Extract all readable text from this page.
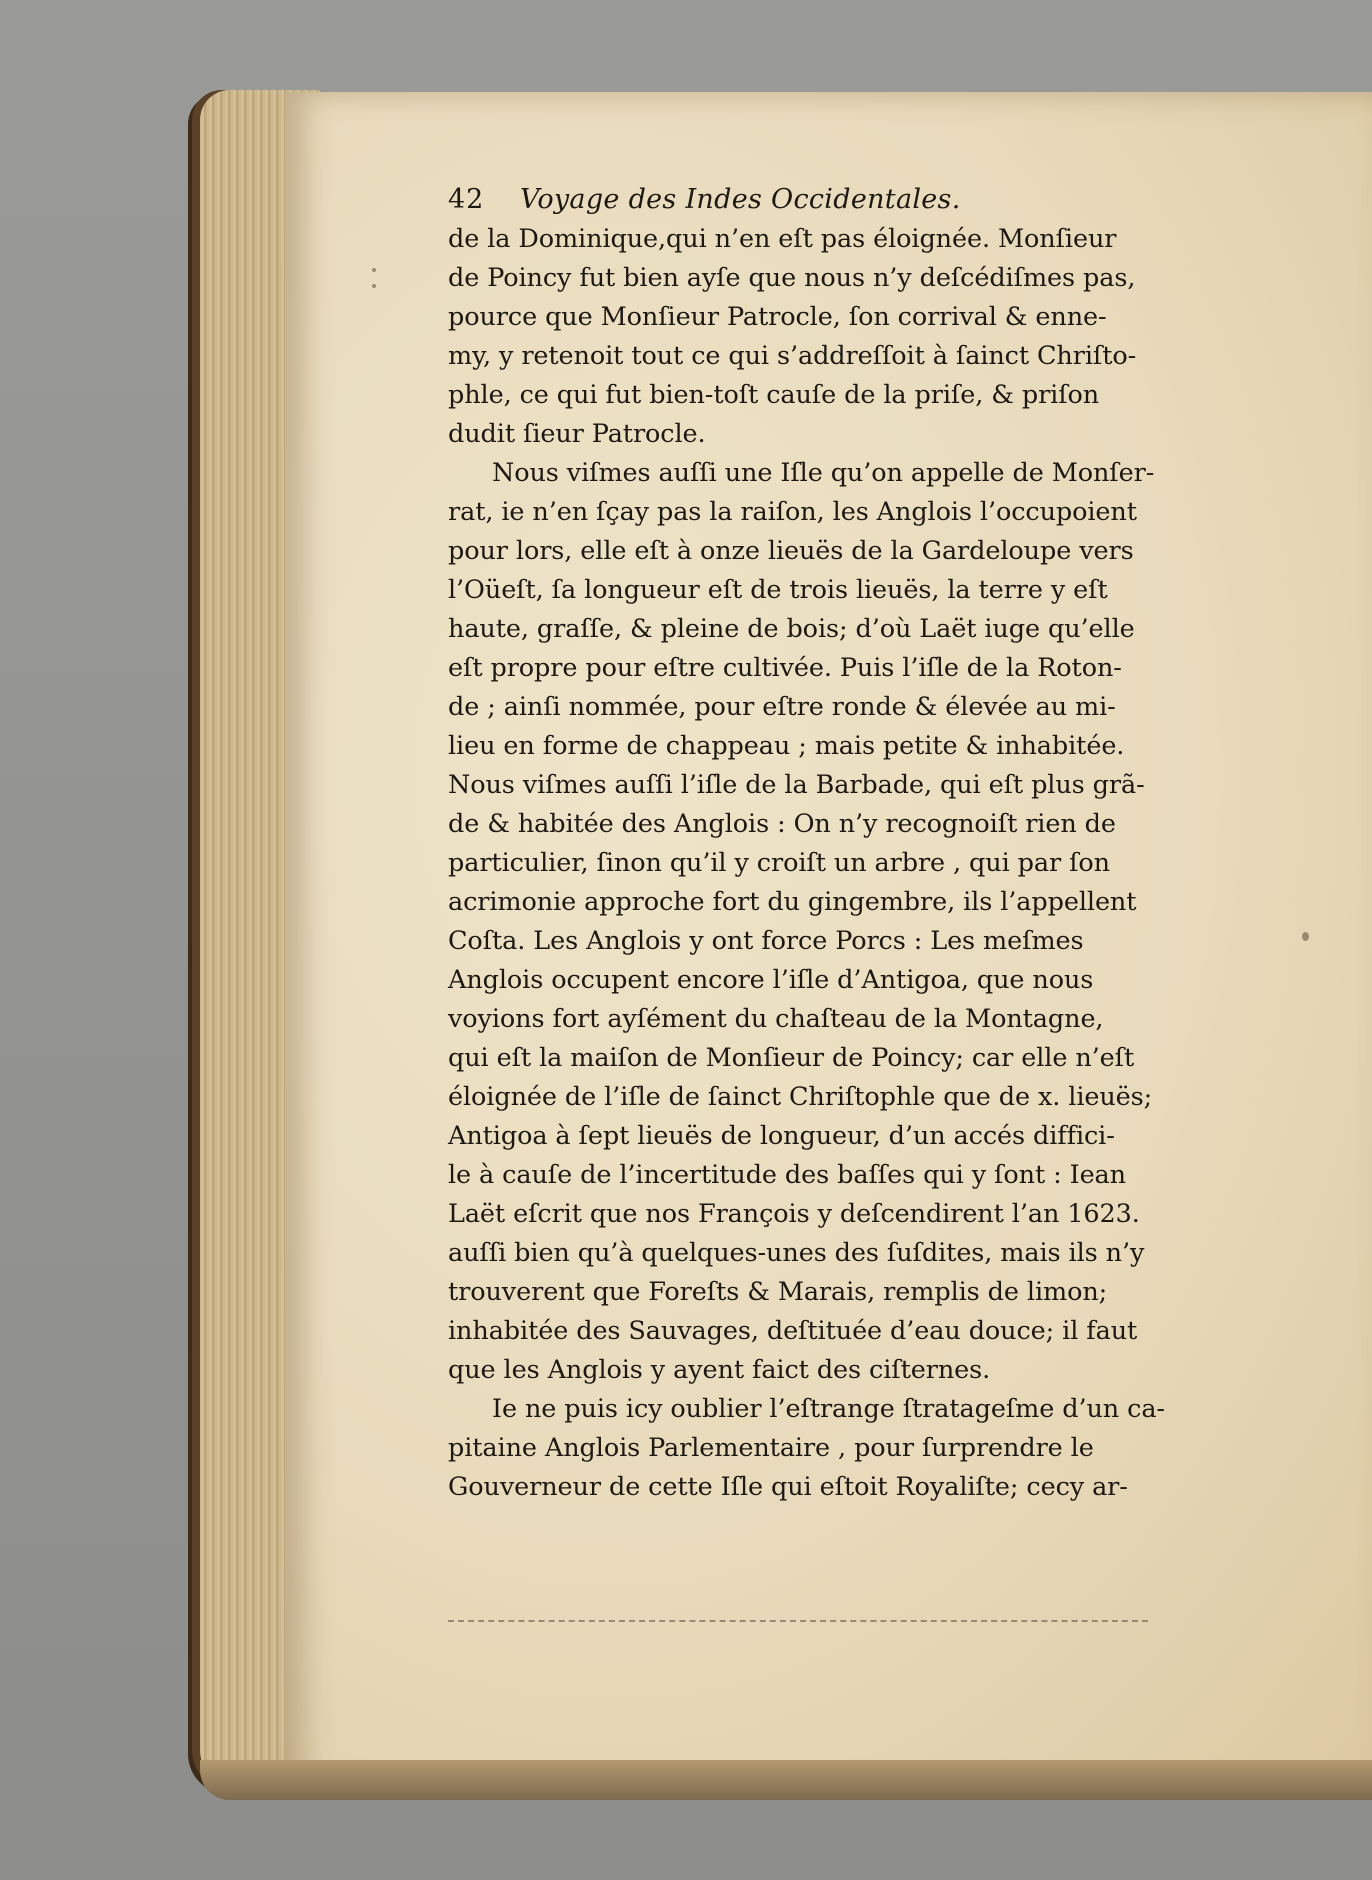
42	Voyage des Indes Occidentales.
de la Dominique,qui n’en eſt pas éloignée. Monſieur
de Poincy fut bien ayſe que nous n’y deſcédiſmes pas,
pource que Monſieur Patrocle, ſon corrival & enne-
my, y retenoit tout ce qui s’addreſſoit à ſainct Chriſto-
phle, ce qui fut bien-toſt cauſe de la priſe, & priſon
dudit ſieur Patrocle.
Nous viſmes auſſi une Iſle qu’on appelle de Monſer-
rat, ie n’en ſçay pas la raiſon, les Anglois l’occupoient
pour lors, elle eſt à onze lieuës de la Gardeloupe vers
l’Oüeſt, ſa longueur eſt de trois lieuës, la terre y eſt
haute, graſſe, & pleine de bois; d’où Laët iuge qu’elle
eſt propre pour eſtre cultivée. Puis l’iſle de la Roton-
de ; ainſi nommée, pour eſtre ronde & élevée au mi-
lieu en forme de chappeau ; mais petite & inhabitée.
Nous viſmes auſſi l’iſle de la Barbade, qui eſt plus grã-
de & habitée des Anglois : On n’y recognoiſt rien de
particulier, ſinon qu’il y croiſt un arbre , qui par ſon
acrimonie approche fort du gingembre, ils l’appellent
Coſta. Les Anglois y ont force Porcs : Les meſmes
Anglois occupent encore l’iſle d’Antigoa, que nous
voyions fort ayſément du chaſteau de la Montagne,
qui eſt la maiſon de Monſieur de Poincy; car elle n’eſt
éloignée de l’iſle de ſainct Chriſtophle que de x. lieuës;
Antigoa à ſept lieuës de longueur, d’un accés diffici-
le à cauſe de l’incertitude des baſſes qui y ſont : Iean
Laët eſcrit que nos François y deſcendirent l’an 1623.
auſſi bien qu’à quelques-unes des ſuſdites, mais ils n’y
trouverent que Foreſts & Marais, remplis de limon;
inhabitée des Sauvages, deſtituée d’eau douce; il faut
que les Anglois y ayent faict des ciſternes.
Ie ne puis icy oublier l’eſtrange ſtratageſme d’un ca-
pitaine Anglois Parlementaire , pour ſurprendre le
Gouverneur de cette Iſle qui eſtoit Royaliſte; cecy ar-
